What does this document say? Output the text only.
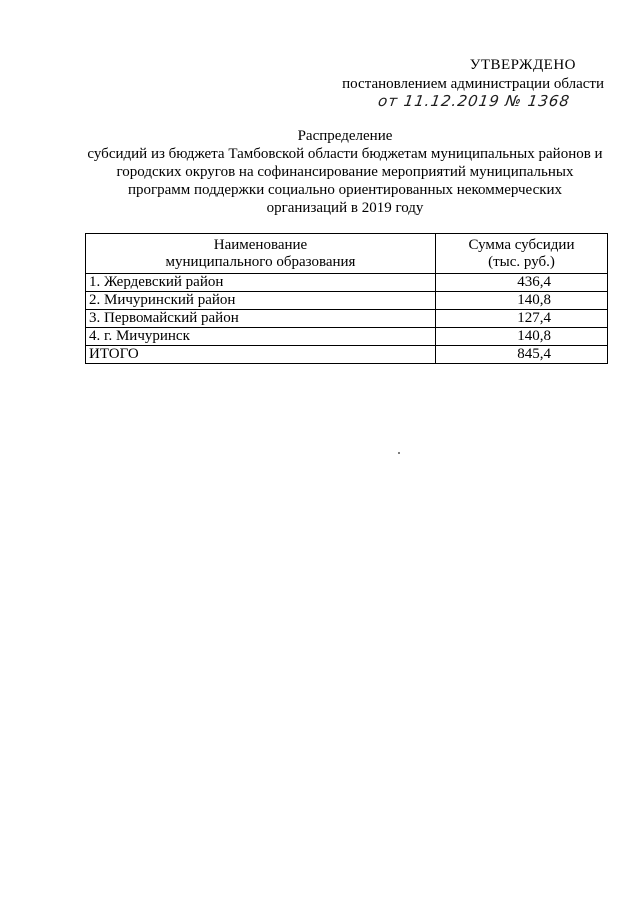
УТВЕРЖДЕНО
постановлением администрации области
от 11.12.2019 № 1368

Распределение

субсидий из бюджета Тамбовской области бюджетам муниципальных районов и

городских округов на софинансирование мероприятий муниципальных

программ поддержки социально ориентированных некоммерческих

организаций в 2019 году

Наименование
муниципального образования	Сумма субсидии
(тыс. руб.)

1. Жердевский район	436,4
2. Мичуринский район	140,8
3. Первомайский район	127,4
4. г. Мичуринск	140,8
ИТОГО	845,4
